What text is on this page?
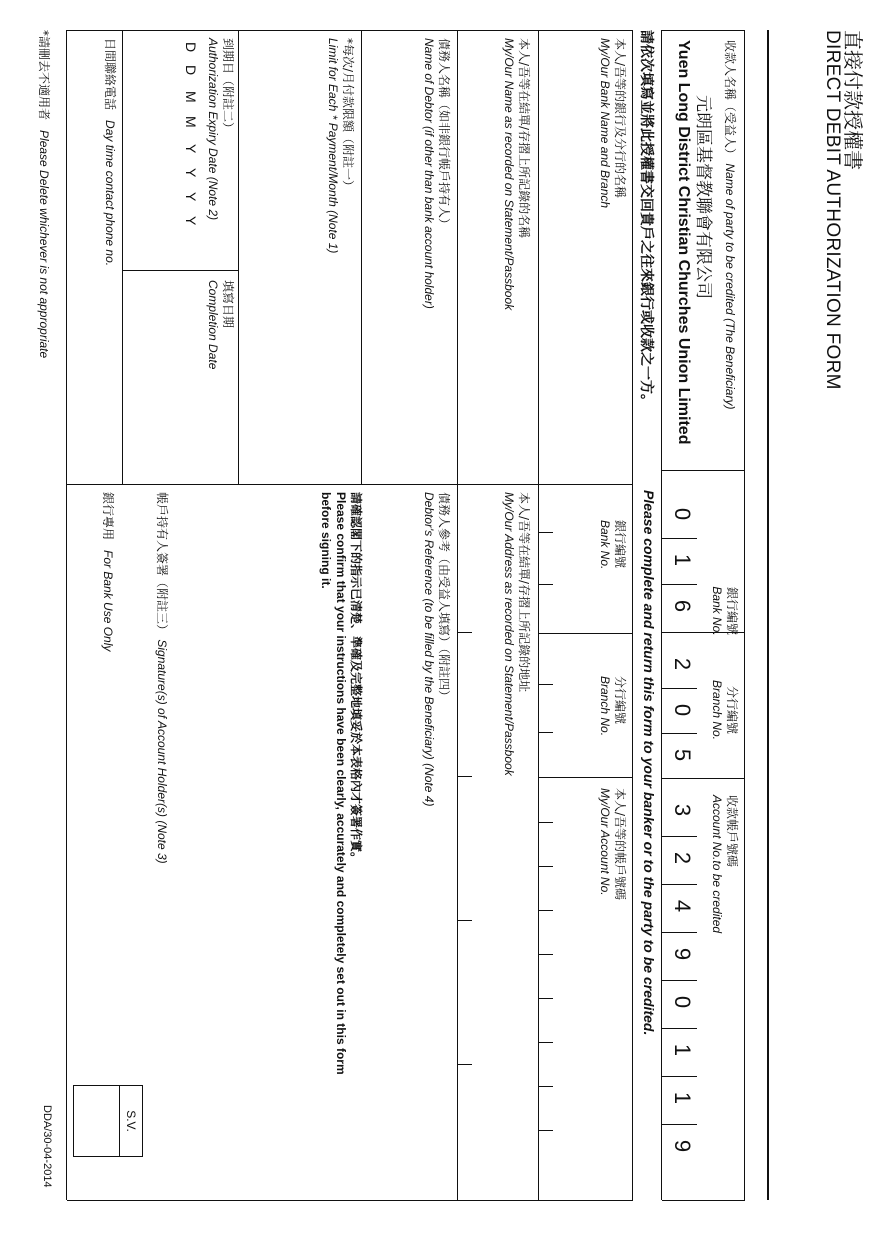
直接付款授權書
DIRECT DEBIT AUTHORIZATION FORM
收款人名稱（受益人） Name of party to be credited (The Beneficiary)
元朗區基督教聯會有限公司
Yuen Long District Christian Churches Union Limited
銀行編號
Bank No.
分行編號
Branch No.
收款帳戶號碼
Account No.to be credited
0
1
6
2
0
5
3
2
4
9
0
1
1
9
請依次填寫並將此授權書交回貴戶之往來銀行或收款之一方。
Please complete and return this form to your banker or to the party to be credited.
本人/吾等的銀行及分行的名稱
My/Our Bank Name and Branch
銀行編號
Bank No.
分行編號
Branch No.
本人/吾等的帳戶號碼
My/Our Account No.
本人/吾等在結單/存摺上所記錄的名稱
My/Our Name as recorded on Statement/Passbook
本人/吾等在結單/存摺上所記錄的地址
My/Our Address as recorded on Statement/Passbook
債務人名稱（如非銀行帳戶持有人）
Name of Debtor (if other than bank account holder)
債務人參考（由受益人填寫）（附註四）
Debtor's Reference (to be filled by the Beneficiary) (Note 4)
*每次/月付款限額（附註一）
Limit for Each * Payment/Month (Note 1)
請確認閣下的指示已清楚、準確及完整地填妥於本表格內才簽署作實。
Please confirm that your instructions have been clearly, accurately and completely set out in this form
before signing it.
帳戶持有人簽署（附註三） Signature(s) of Account Holder(s) (Note 3)
銀行專用   For Bank Use Only
S.V.
到期日（附註二）
Authorization Expiry Date (Note 2)
填寫日期
Completion Date
D
D
M
M
Y
Y
Y
Y
日間聯絡電話   Day time contact phone no.
*請刪去不適用者   Please Delete whichever is not appropriate
DDA/30-04-2014
